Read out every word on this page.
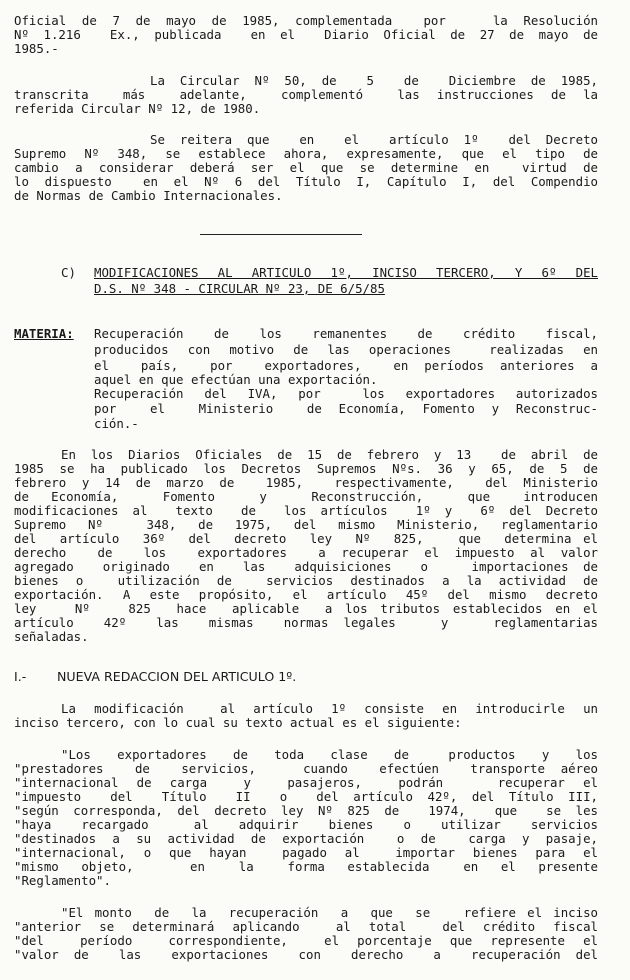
Oficial de 7 de mayo de 1985, complementada  por   la Resolución

Nº 1.216  Ex., publicada  en el  Diario Oficial de 27 de mayo de

1985.-

La Circular Nº 50, de  5  de  Diciembre de 1985,

transcrita  más  adelante,  complementó  las instrucciones de la

referida Circular Nº 12, de 1980.

Se reitera que  en  el  artículo 1º  del Decreto

Supremo Nº 348, se establece ahora, expresamente, que el tipo de

cambio a considerar deberá ser el que se determine en  virtud de

lo dispuesto  en el Nº 6 del Título I, Capítulo I, del Compendio

de Normas de Cambio Internacionales.

C)	MODIFICACIONES AL ARTICULO 1º, INCISO TERCERO, Y 6º DEL

D.S. Nº 348 - CIRCULAR Nº 23, DE 6/5/85

MATERIA:	Recuperación  de  los  remanentes  de  crédito  fiscal,

producidos con motivo de las operaciones  realizadas en

el  país,  por  exportadores,  en períodos anteriores a

aquel en que efectúan una exportación.

Recuperación del IVA, por  los exportadores autorizados

por  el  Ministerio  de Economía, Fomento y Reconstruc-

ción.-

En los Diarios Oficiales de 15 de febrero y 13  de abril de

1985 se ha publicado los Decretos Supremos Nºs. 36 y 65, de 5 de

febrero y 14 de marzo de  1985,  respectivamente,  del Ministerio

de  Economía,    Fomento    y    Reconstrucción,    que   introducen

modificaciones al  texto  de  los artículos  1º y  6º del Decreto

Supremo Nº  348, de 1975, del mismo Ministerio, reglamentario

del  artículo  36º  del  decreto  ley  Nº  825,   que  determina el

derecho  de  los  exportadores  a recuperar el impuesto al valor

agregado  originado  en  las  adquisiciones  o   importaciones de

bienes o  utilización de  servicios destinados a la actividad de

exportación. A este propósito, el artículo 45º del mismo decreto

ley   Nº   825  hace  aplicable  a los tributos establecidos en el

artículo  42º  las  mismas  normas legales   y   reglamentarias

señaladas.

I.-	NUEVA REDACCION DEL ARTICULO 1º.

La modificación  al artículo 1º consiste en introducirle un

inciso tercero, con lo cual su texto actual es el siguiente:

"Los  exportadores  de  toda  clase  de   productos  y  los

"prestadores  de  servicios,   cuando  efectúen  transporte aéreo

"internacional de carga  y  pasajeros,  podrán   recuperar el

"impuesto  del  Título  II  o  del artículo 42º, del Título III,

"según corresponda, del decreto ley Nº 825 de  1974,  que  se les

"haya  recargado   al  adquirir  bienes  o  utilizar  servicios

"destinados a su actividad de exportación  o de  carga y pasaje,

"internacional, o que hayan  pagado al  importar bienes para el

"mismo  objeto,     en   la   forma  establecida   en  el  presente

"Reglamento".

"El monto  de  la  recuperación  a  que  se   refiere el inciso

"anterior se determinará aplicando  al total  del crédito fiscal

"del  período  correspondiente,  el porcentaje que represente el

"valor de  las  exportaciones  con  derecho  a  recuperación del
